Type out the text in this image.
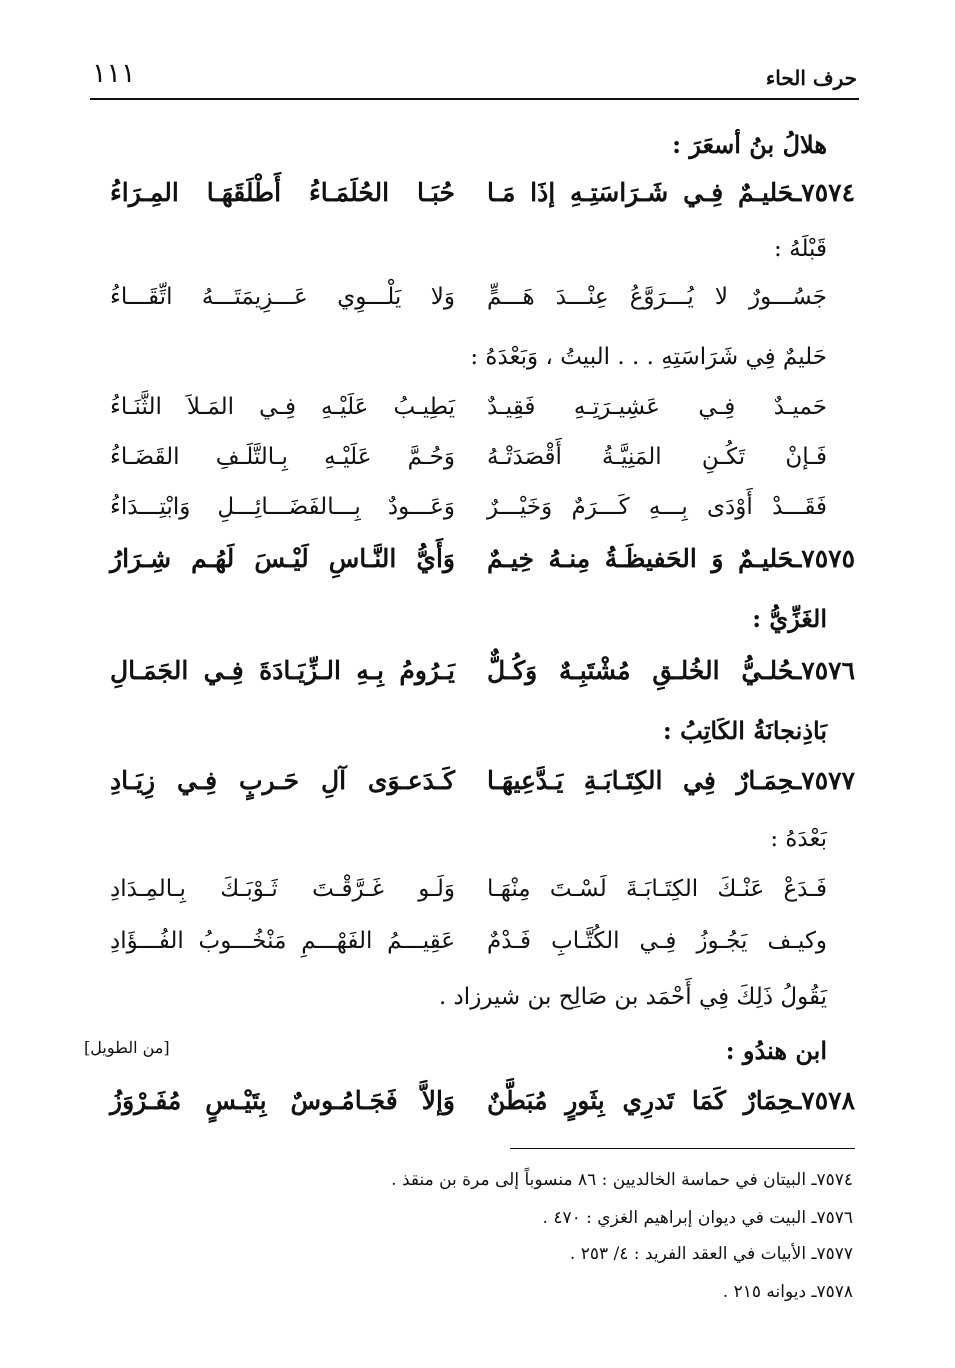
١١١	حرف الحاء
هلالُ بنُ أسعَرَ :
٧٥٧٤ـحَليـمٌ فِـي شَـرَاسَتِـهِ إذَا مَـا
حُبَـا الحُلَمَـاءُ أَطْلَقَهَـا المِـرَاءُ
قَبْلَهُ :
جَسُـــورٌ لا يُـــرَوَّعُ عِنْـــدَ هَـــمٍّ
وَلا يَلْـــوِي عَـــزِيمَتَـــهُ اتِّقَـــاءُ
حَليمٌ فِي شَرَاسَتِهِ . . . البيتُ ، وَبَعْدَهُ :
حَميـدٌ فِـي عَشِيـرَتِـهِ فَقِيـدٌ
يَطِيـبُ عَلَيْـهِ فِـي المَـلاَ الثَّنَـاءُ
فَـإنْ تَكُـنِ المَنِيَّـةُ أَقْصَدَتْـهُ
وَحُـمَّ عَلَيْـهِ بِـالتَّلَـفِ القَضَـاءُ
فَقَـــدْ أَوْدَى بِـــهِ كَـــرَمٌ وَخَيْـــرٌ
وَعَـــودٌ بِـــالفَضَـــائِـــلِ وَابْتِـــدَاءُ
٧٥٧٥ـحَليـمٌ وَ الحَفيظَـةُ مِنـهُ خِيـمٌ
وَأَيُّ النَّـاسِ لَيْـسَ لَهُـم شِـرَارُ
الغَزِّيُّ :
٧٥٧٦ـحُلـيُّ الخُلـقِ مُشْتَبِـهٌ وَكُـلٌّ
يَـرُومُ بِـهِ الـزِّيَـادَةَ فِـي الجَمَـالِ
بَاذِنجانَةُ الكَاتِبُ :
٧٥٧٧ـحِمَـارٌ فِي الكِتَـابَـةِ يَـدَّعِيهَـا
كَـدَعـوَى آلِ حَـربٍ فِـي زِيَـادِ
بَعْدَهُ :
فَـدَعْ عَنْـكَ الكِتَـابَـةَ لَسْـتَ مِنْهَـا
وَلَـو غَـرَّقْـتَ ثَـوْبَـكَ بِـالمِـدَادِ
وكيـف يَجُـوزُ فِـي الكُتَّـابِ فَـدْمٌ
عَقِيـــمُ الفَهْـــمِ مَنْخُـــوبُ الفُـــؤَادِ
يَقُولُ ذَلِكَ فِي أَحْمَد بن صَالِح بن شيرزاد .
ابن هندُو :
[من الطويل]
٧٥٧٨ـحِمَارٌ كَمَا تَدرِي بِثَورٍ مُبَطَّنٌ
وَإلاَّ فَجَـامُـوسٌ بِتَيْـسٍ مُفَـرْوَزُ
٧٥٧٤ـ البيتان في حماسة الخالديين : ٨٦ منسوباً إلى مرة بن منقذ .
٧٥٧٦ـ البيت في ديوان إبراهيم الغزي : ٤٧٠ .
٧٥٧٧ـ الأبيات في العقد الفريد : ٤/ ٢٥٣ .
٧٥٧٨ـ ديوانه ٢١٥ .
